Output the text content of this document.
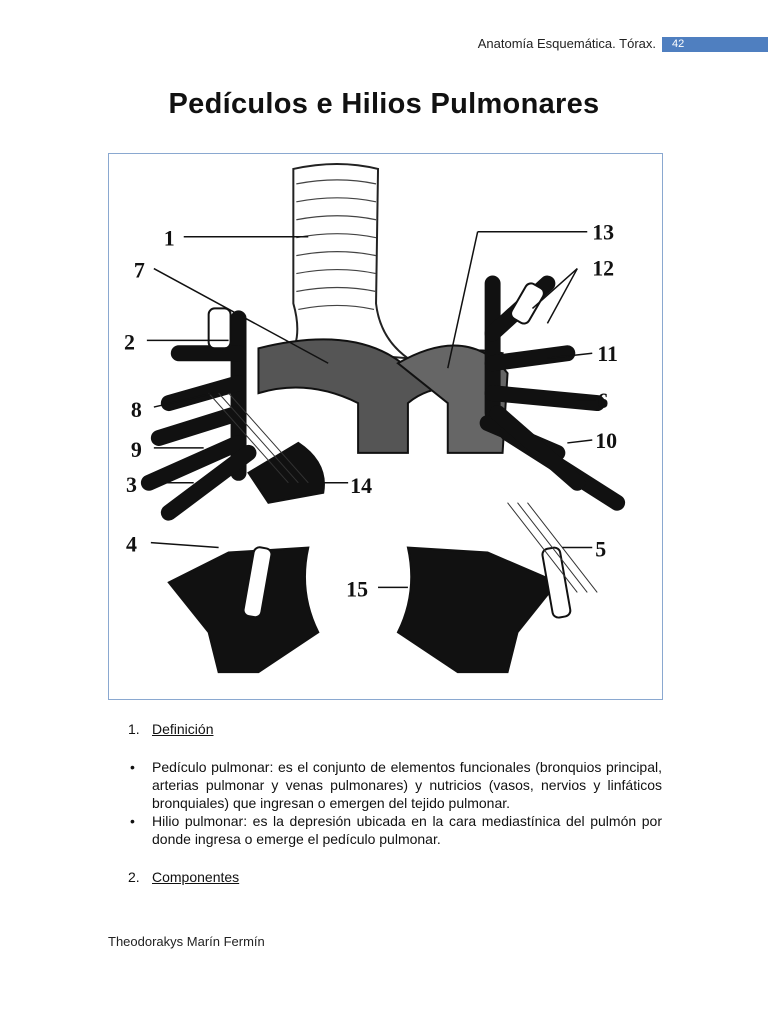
Anatomía Esquemática. Tórax.	42
Pedículos e Hilios Pulmonares
1
7
2
8
9
3
4
13
12
11
6
10
14
5
15
1. Definición
• Pedículo pulmonar: es el conjunto de elementos funcionales (bronquios principal, arterias pulmonar y venas pulmonares) y nutricios (vasos, nervios y linfáticos bronquiales) que ingresan o emergen del tejido pulmonar.
• Hilio pulmonar: es la depresión ubicada en la cara mediastínica del pulmón por donde ingresa o emerge el pedículo pulmonar.
2. Componentes
Theodorakys Marín Fermín
